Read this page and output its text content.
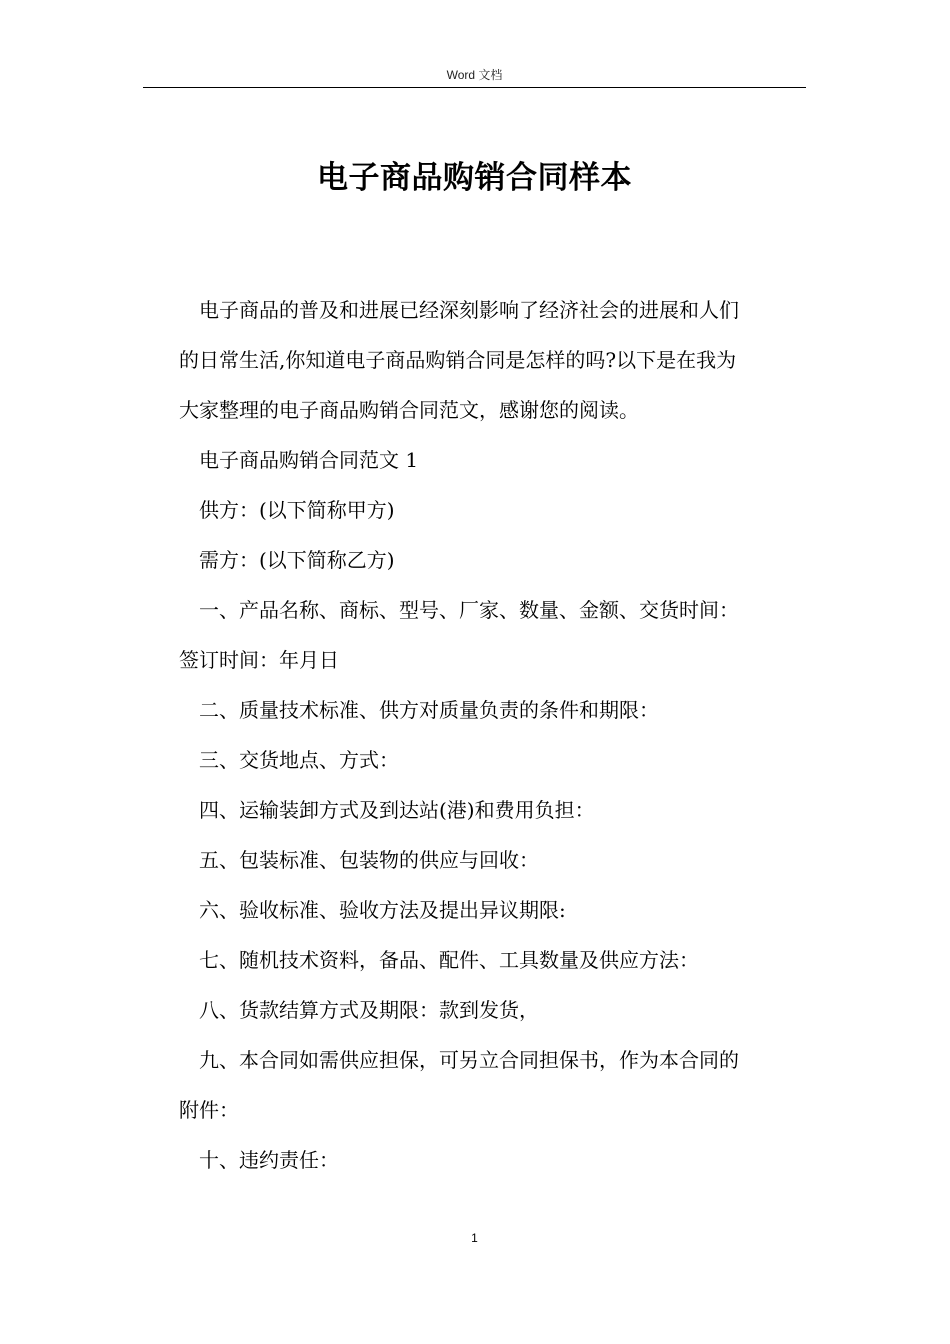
Word 文档
电子商品购销合同样本

电子商品的普及和进展已经深刻影响了经济社会的进展和人们

的日常生活,你知道电子商品购销合同是怎样的吗?以下是在我为

大家整理的电子商品购销合同范文，感谢您的阅读。

电子商品购销合同范文 1

供方：(以下简称甲方)

需方：(以下简称乙方)

一、产品名称、商标、型号、厂家、数量、金额、交货时间：

签订时间：年月日

二、质量技术标准、供方对质量负责的条件和期限：

三、交货地点、方式：

四、运输装卸方式及到达站(港)和费用负担：

五、包装标准、包装物的供应与回收：

六、验收标准、验收方法及提出异议期限:

七、随机技术资料，备品、配件、工具数量及供应方法：

八、货款结算方式及期限：款到发货，

九、本合同如需供应担保，可另立合同担保书，作为本合同的

附件：

十、违约责任：

1
